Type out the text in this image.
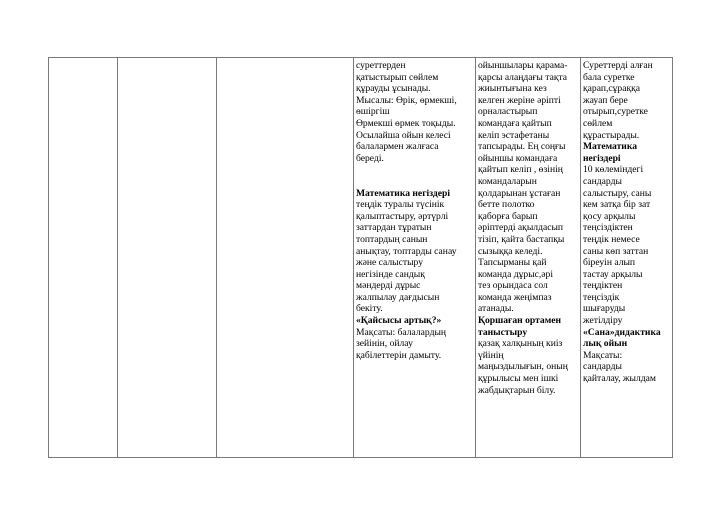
суреттерден
қатыстырып сөйлем
құрауды ұсынады.
Мысалы: Өрік, өрмекші,
өшіргіш
Өрмекші өрмек тоқыды.
Осылайша ойын келесі
балалармен жалғаса
береді.
Математика негіздері
теңдік туралы түсінік
қалыптастыру, әртүрлі
заттардан тұратын
топтардың санын
анықтау, топтарды санау
және салыстыру
негізінде сандық
мәндерді дұрыс
жалпылау дағдысын
бекіту.
«Қайсысы артық?»
Мақсаты: балалардың
зейінін, ойлау
қабілеттерін дамыту.
ойыншылары қарама-
қарсы алаңдағы тақта
жиынтығына кез
келген жеріне әріпті
орналастырып
командаға қайтып
келіп эстафетаны
тапсырады. Ең соңғы
ойыншы командаға
қайтып келіп , өзінің
командаларын
қолдарынан ұстаған
бетте полотко
қаборға барып
әріптерді ақылдасып
тізіп, қайта бастапқы
сызыққа келеді.
Тапсырманы қай
команда дұрыс,әрі
тез орындаса сол
команда жеңімпаз
атанады.
Қоршаған ортамен
таныстыру
қазақ халқының киіз
үйінің
маңыздылығын, оның
құрылысы мен ішкі
жабдықтарын білу.
Суреттерді алған
бала суретке
қарап,сұраққа
жауап бере
отырып,суретке
сөйлем
құрастырады.
Математика
негіздері
10 көлеміндегі
сандарды
салыстыру, саны
кем затқа бір зат
қосу арқылы
теңсіздіктен
теңдік немесе
саны көп заттан
біреуін алып
тастау арқылы
теңдіктен
теңсіздік
шығаруды
жетілдіру
«Сана»дидактика
лық ойын
Мақсаты:
сандарды
қайталау, жылдам
